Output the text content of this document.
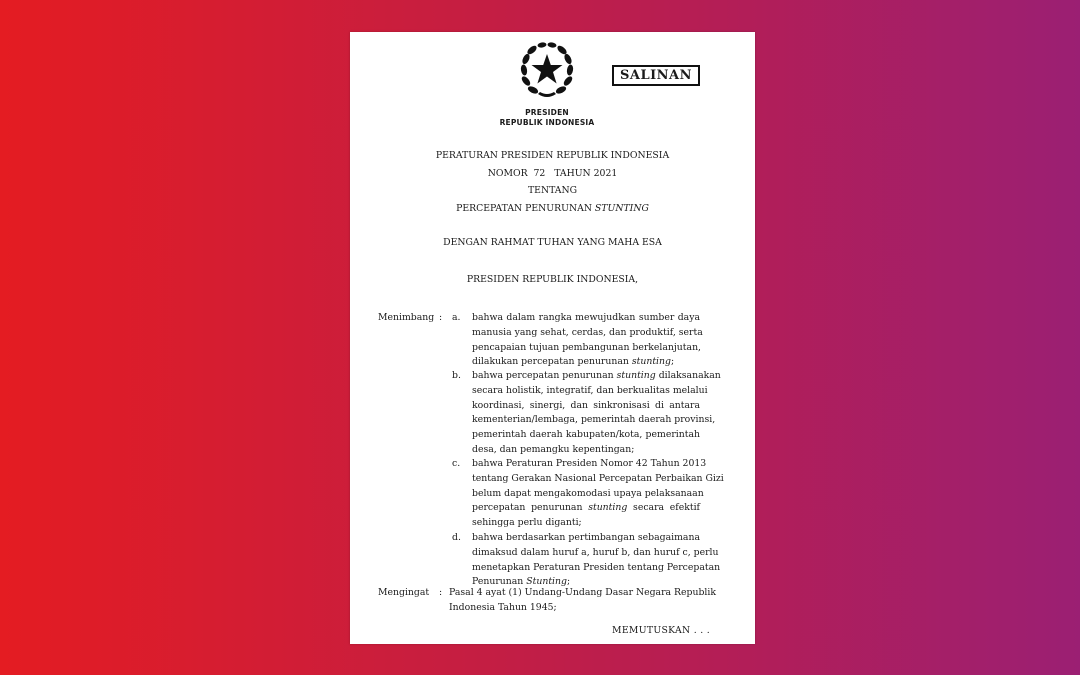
PRESIDEN
REPUBLIK INDONESIA
SALINAN
PERATURAN PRESIDEN REPUBLIK INDONESIA
NOMOR  72   TAHUN 2021
TENTANG
PERCEPATAN PENURUNAN STUNTING
DENGAN RAHMAT TUHAN YANG MAHA ESA
PRESIDEN REPUBLIK INDONESIA,
Menimbang : a. bahwa dalam rangka mewujudkan sumber daya
manusia yang sehat, cerdas, dan produktif, serta
pencapaian tujuan pembangunan berkelanjutan,
dilakukan percepatan penurunan stunting;
b. bahwa percepatan penurunan stunting dilaksanakan
secara holistik, integratif, dan berkualitas melalui
koordinasi, sinergi, dan sinkronisasi di antara
kementerian/lembaga, pemerintah daerah provinsi,
pemerintah daerah kabupaten/kota, pemerintah
desa, dan pemangku kepentingan;
c. bahwa Peraturan Presiden Nomor 42 Tahun 2013
tentang Gerakan Nasional Percepatan Perbaikan Gizi
belum dapat mengakomodasi upaya pelaksanaan
percepatan penurunan stunting secara efektif
sehingga perlu diganti;
d. bahwa berdasarkan pertimbangan sebagaimana
dimaksud dalam huruf a, huruf b, dan huruf c, perlu
menetapkan Peraturan Presiden tentang Percepatan
Penurunan Stunting;
Mengingat : Pasal 4 ayat (1) Undang-Undang Dasar Negara Republik
Indonesia Tahun 1945;
MEMUTUSKAN . . .
